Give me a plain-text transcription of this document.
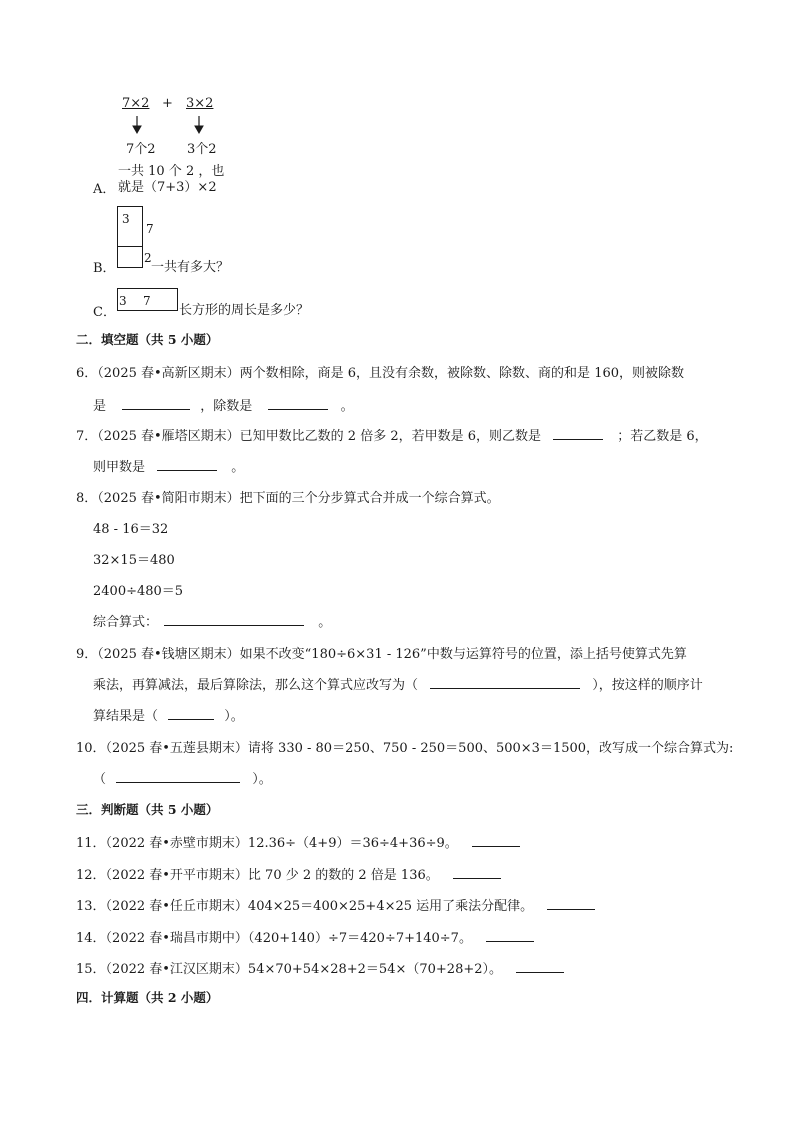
7×2 + 3×2
7个2 3个2
一共 10 个 2 ，也
A． 就是（7+3）×2
3
7
B．
2
一共有多大？
3 7
C．	长方形的周长是多少？
二．填空题（共 5 小题）
6．（2025 春•高新区期末）两个数相除，商是 6，且没有余数，被除数、除数、商的和是 160，则被除数
是	，除数是	。
7．（2025 春•雁塔区期末）已知甲数比乙数的 2 倍多 2，若甲数是 6，则乙数是	；若乙数是 6，
则甲数是	。
8．（2025 春•简阳市期末）把下面的三个分步算式合并成一个综合算式。
48 - 16＝32
32×15＝480
2400÷480＝5
综合算式：	。
9．（2025 春•钱塘区期末）如果不改变“180÷6×31 - 126”中数与运算符号的位置，添上括号使算式先算
乘法，再算减法，最后算除法，那么这个算式应改写为（	），按这样的顺序计
算结果是（	）。
10．（2025 春•五莲县期末）请将 330 - 80＝250、750 - 250＝500、500×3＝1500，改写成一个综合算式为:
（	）。
三．判断题（共 5 小题）
11．（2022 春•赤壁市期末）12.36÷（4+9）＝36÷4+36÷9。
12．（2022 春•开平市期末）比 70 少 2 的数的 2 倍是 136。
13．（2022 春•任丘市期末）404×25＝400×25+4×25 运用了乘法分配律。
14．（2022 春•瑞昌市期中）（420+140）÷7＝420÷7+140÷7。
15．（2022 春•江汉区期末）54×70+54×28+2＝54×（70+28+2）。
四．计算题（共 2 小题）
